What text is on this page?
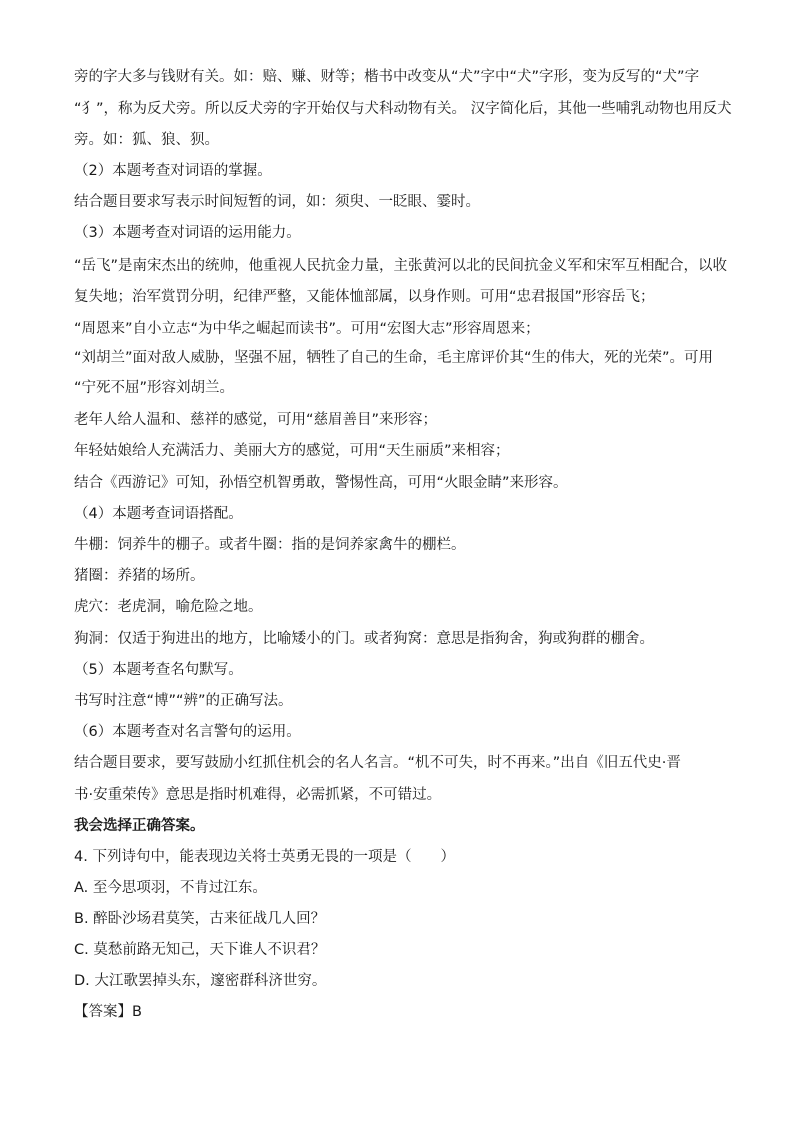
旁的字大多与钱财有关。如：赔、赚、财等；楷书中改变从“犬”字中“犬”字形，变为反写的“犬”字
“犭”，称为反犬旁。所以反犬旁的字开始仅与犬科动物有关。 汉字简化后，其他一些哺乳动物也用反犬
旁。如：狐、狼、狈。
（2）本题考查对词语的掌握。
结合题目要求写表示时间短暂的词，如：须臾、一眨眼、霎时。
（3）本题考查对词语的运用能力。
“岳飞”是南宋杰出的统帅，他重视人民抗金力量，主张黄河以北的民间抗金义军和宋军互相配合，以收
复失地；治军赏罚分明，纪律严整，又能体恤部属，以身作则。可用“忠君报国”形容岳飞；
“周恩来”自小立志“为中华之崛起而读书”。可用“宏图大志”形容周恩来；
“刘胡兰”面对敌人威胁，坚强不屈，牺牲了自己的生命，毛主席评价其“生的伟大，死的光荣”。可用
“宁死不屈”形容刘胡兰。
老年人给人温和、慈祥的感觉，可用“慈眉善目”来形容；
年轻姑娘给人充满活力、美丽大方的感觉，可用“天生丽质”来相容；
结合《西游记》可知，孙悟空机智勇敢，警惕性高，可用“火眼金睛”来形容。
（4）本题考查词语搭配。
牛棚：饲养牛的棚子。或者牛圈：指的是饲养家禽牛的棚栏。
猪圈：养猪的场所。
虎穴：老虎洞，喻危险之地。
狗洞：仅适于狗进出的地方，比喻矮小的门。或者狗窝：意思是指狗舍，狗或狗群的棚舍。
（5）本题考查名句默写。
书写时注意“博”“辨”的正确写法。
（6）本题考查对名言警句的运用。
结合题目要求，要写鼓励小红抓住机会的名人名言。“机不可失，时不再来。”出自《旧五代史·晋
书·安重荣传》意思是指时机难得，必需抓紧，不可错过。
我会选择正确答案。
4. 下列诗句中，能表现边关将士英勇无畏的一项是（　　）
A. 至今思项羽，不肯过江东。
B. 醉卧沙场君莫笑，古来征战几人回？
C. 莫愁前路无知己，天下谁人不识君？
D. 大江歌罢掉头东，邃密群科济世穷。
【答案】B
